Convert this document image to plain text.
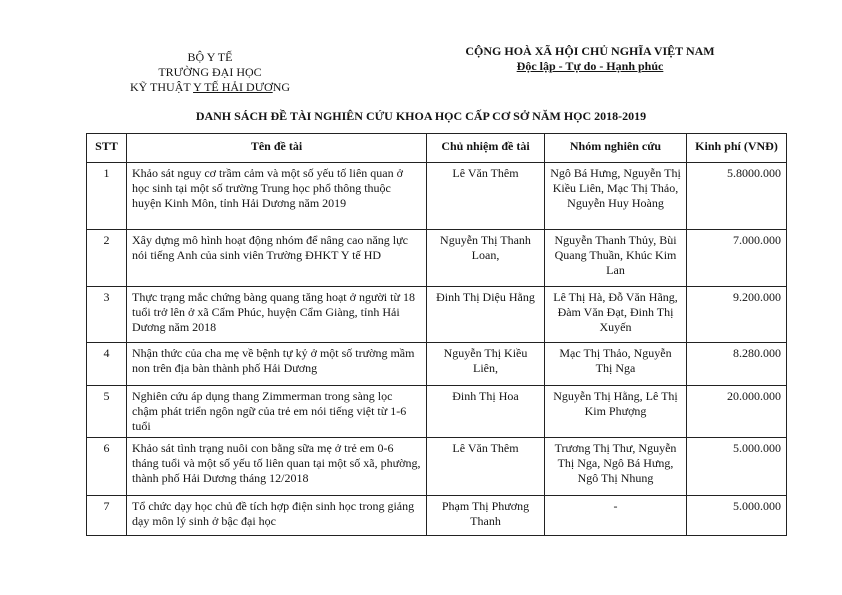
BỘ Y TẾ
TRƯỜNG ĐẠI HỌC
KỸ THUẬT Y TẾ HẢI DƯƠNG
CỘNG HOÀ XÃ HỘI CHỦ NGHĨA VIỆT NAM
Độc lập - Tự do - Hạnh phúc
DANH SÁCH ĐỀ TÀI NGHIÊN CỨU KHOA HỌC CẤP CƠ SỞ NĂM HỌC 2018-2019
STT	Tên đề tài	Chủ nhiệm đề tài	Nhóm nghiên cứu	Kinh phí (VNĐ)
1	Khảo sát nguy cơ trầm cảm và một số yếu tố liên quan ở học sinh tại một số trường Trung học phổ thông thuộc huyện Kinh Môn, tỉnh Hải Dương năm 2019	Lê Văn Thêm	Ngô Bá Hưng, Nguyễn Thị Kiều Liên, Mạc Thị Thảo, Nguyễn Huy Hoàng	5.8000.000
2	Xây dựng mô hình hoạt động nhóm để nâng cao năng lực nói tiếng Anh của sinh viên Trường ĐHKT Y tế HD	Nguyễn Thị Thanh Loan,	Nguyễn Thanh Thủy, Bùi Quang Thuần, Khúc Kim Lan	7.000.000
3	Thực trạng mắc chứng bàng quang tăng hoạt ở người từ 18 tuổi trở lên ở xã Cẩm Phúc, huyện Cẩm Giàng, tỉnh Hải Dương năm 2018	Đinh Thị Diệu Hằng	Lê Thị Hà, Đỗ Văn Hãng, Đàm Văn Đạt, Đinh Thị Xuyến	9.200.000
4	Nhận thức của cha mẹ về bệnh tự kỷ ở một số trường mầm non trên địa bàn thành phố Hải Dương	Nguyễn Thị Kiều Liên,	Mạc Thị Thảo, Nguyễn Thị Nga	8.280.000
5	Nghiên cứu áp dụng thang Zimmerman trong sàng lọc chậm phát triển ngôn ngữ của trẻ em nói tiếng việt từ 1-6 tuổi	Đinh Thị Hoa	Nguyễn Thị Hằng, Lê Thị Kim Phượng	20.000.000
6	Khảo sát tình trạng nuôi con bằng sữa mẹ ở trẻ em 0-6 tháng tuổi và một số yếu tố liên quan tại một số xã, phường, thành phố Hải Dương tháng 12/2018	Lê Văn Thêm	Trương Thị Thư, Nguyễn Thị Nga, Ngô Bá Hưng, Ngô Thị Nhung	5.000.000
7	Tổ chức dạy học chủ đề tích hợp điện sinh học trong giảng dạy môn lý sinh ở bậc đại học	Phạm Thị Phương Thanh	-	5.000.000
